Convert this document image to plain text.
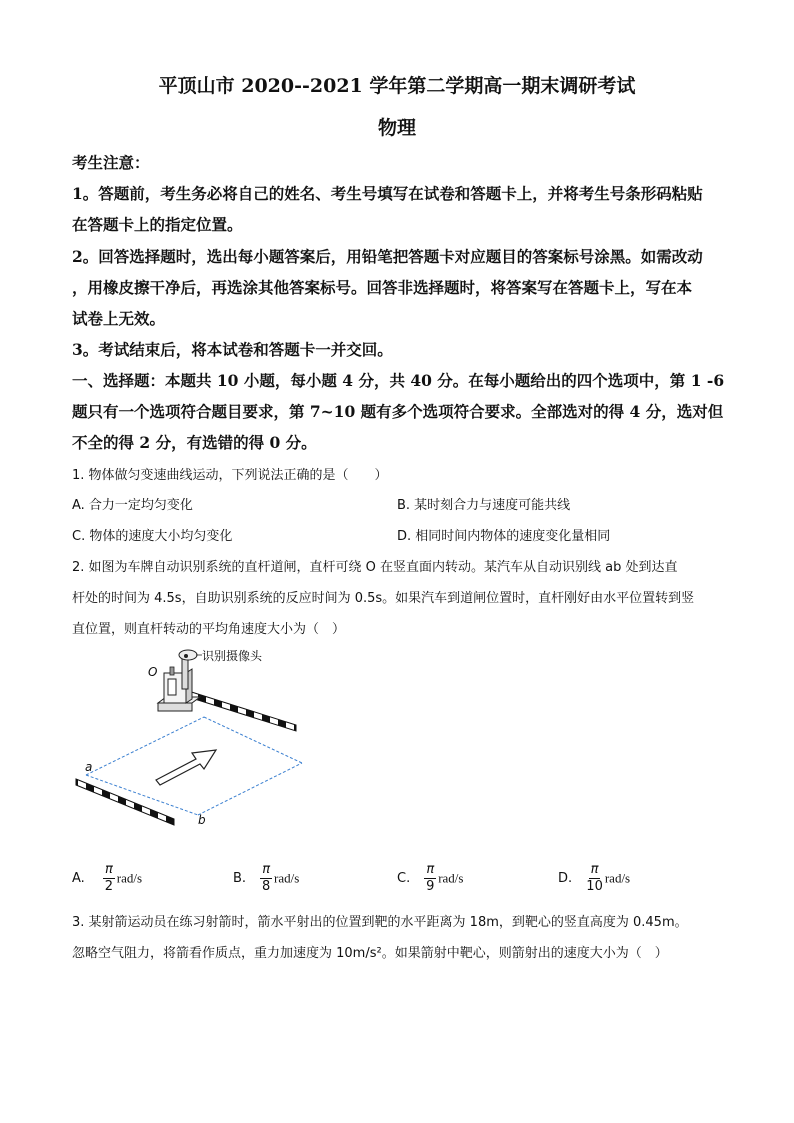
平顶山市 2020--2021 学年第二学期高一期末调研考试
物理
考生注意：
1。答题前，考生务必将自己的姓名、考生号填写在试卷和答题卡上，并将考生号条形码粘贴
在答题卡上的指定位置。
2。回答选择题时，选出每小题答案后，用铅笔把答题卡对应题目的答案标号涂黑。如需改动
，用橡皮擦干净后，再选涂其他答案标号。回答非选择题时，将答案写在答题卡上，写在本
试卷上无效。
3。考试结束后，将本试卷和答题卡一并交回。
一、选择题：本题共 10 小题，每小题 4 分，共 40 分。在每小题给出的四个选项中，第 1 -6
题只有一个选项符合题目要求，第 7~10 题有多个选项符合要求。全部选对的得 4 分，选对但
不全的得 2 分，有选错的得 0 分。
1. 物体做匀变速曲线运动，下列说法正确的是（　　）
A. 合力一定均匀变化	B. 某时刻合力与速度可能共线
C. 物体的速度大小均匀变化	D. 相同时间内物体的速度变化量相同
2. 如图为车牌自动识别系统的直杆道闸，直杆可绕 O 在竖直面内转动。某汽车从自动识别线 ab 处到达直
杆处的时间为 4.5s，自助识别系统的反应时间为 0.5s。如果汽车到道闸位置时，直杆刚好由水平位置转到竖
直位置，则直杆转动的平均角速度大小为（　）
识别摄像头
O
a
b
A. $\frac{\pi}{2} rad/s$	B. $\frac{\pi}{8} rad/s$	C. $\frac{\pi}{9} rad/s$	D. $\frac{\pi}{10} rad/s$
3. 某射箭运动员在练习射箭时，箭水平射出的位置到靶的水平距离为 18m，到靶心的竖直高度为 0.45m。
忽略空气阻力，将箭看作质点，重力加速度为 10m/s²。如果箭射中靶心，则箭射出的速度大小为（　）
